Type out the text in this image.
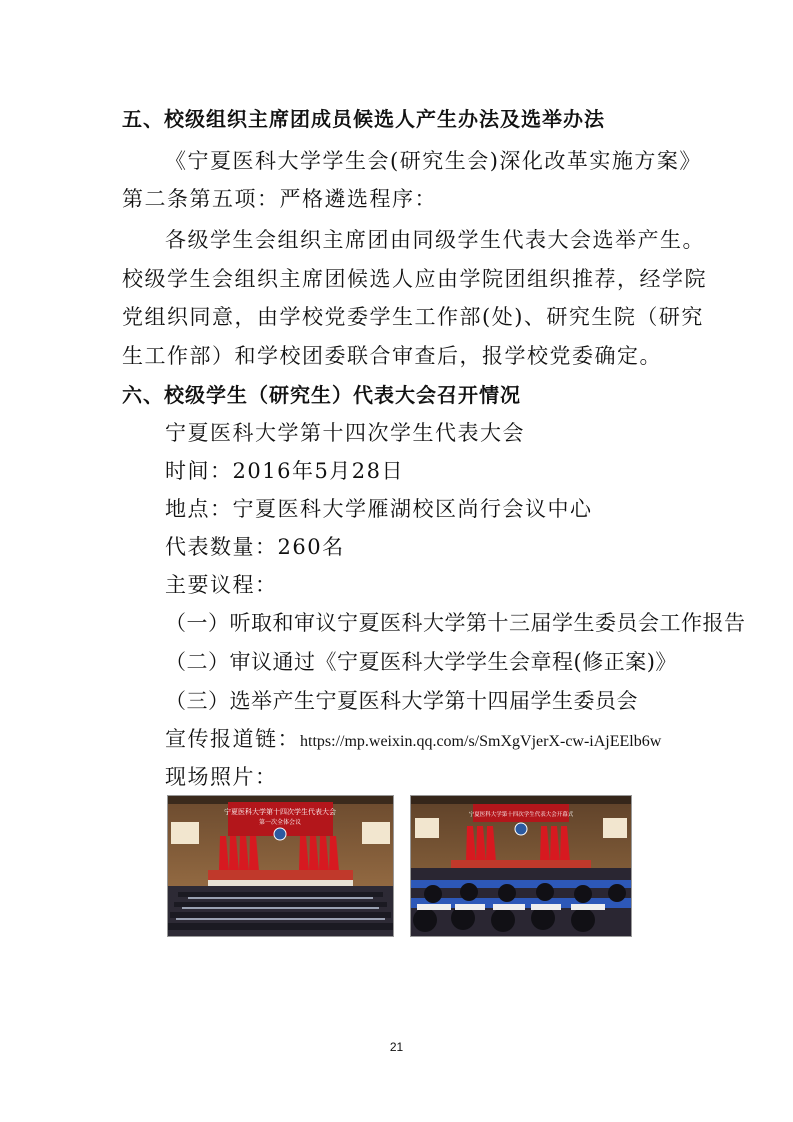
五、校级组织主席团成员候选人产生办法及选举办法
《宁夏医科大学学生会(研究生会)深化改革实施方案》
第二条第五项：严格遴选程序：
各级学生会组织主席团由同级学生代表大会选举产生。
校级学生会组织主席团候选人应由学院团组织推荐，经学院
党组织同意，由学校党委学生工作部(处)、研究生院（研究
生工作部）和学校团委联合审查后，报学校党委确定。
六、校级学生（研究生）代表大会召开情况
宁夏医科大学第十四次学生代表大会
时间：2016年5月28日
地点：宁夏医科大学雁湖校区尚行会议中心
代表数量：260名
主要议程：
（一）听取和审议宁夏医科大学第十三届学生委员会工作报告
（二）审议通过《宁夏医科大学学生会章程(修正案)》
（三）选举产生宁夏医科大学第十四届学生委员会
宣传报道链：https://mp.weixin.qq.com/s/SmXgVjerX-cw-iAjEElb6w
现场照片：
宁夏医科大学第十四次学生代表大会
第一次全体会议
宁夏医科大学第十四次学生代表大会开幕式
21
